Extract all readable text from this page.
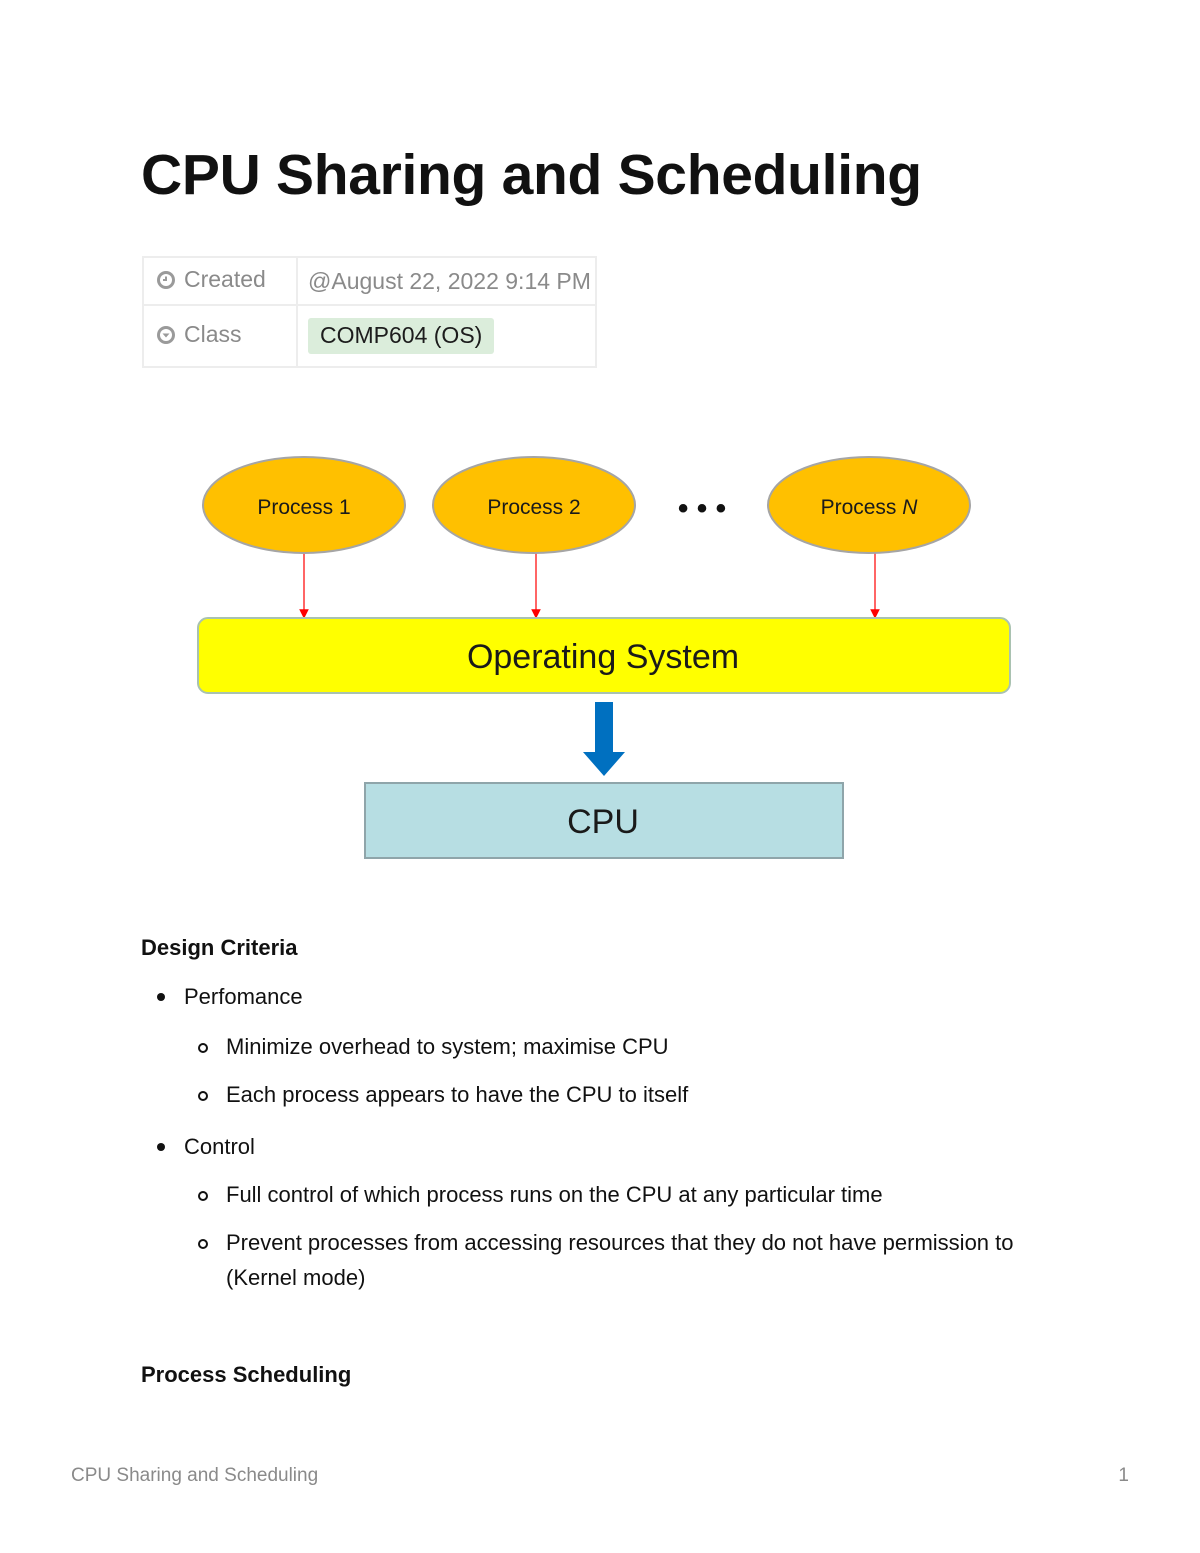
CPU Sharing and Scheduling
Created	@August 22, 2022 9:14 PM
Class	COMP604 (OS)
Process 1	Process 2	• • •	Process N
Operating System
CPU
Design Criteria
Perfomance
Minimize overhead to system; maximise CPU
Each process appears to have the CPU to itself
Control
Full control of which process runs on the CPU at any particular time
Prevent processes from accessing resources that they do not have permission to (Kernel mode)
Process Scheduling
CPU Sharing and Scheduling	1
